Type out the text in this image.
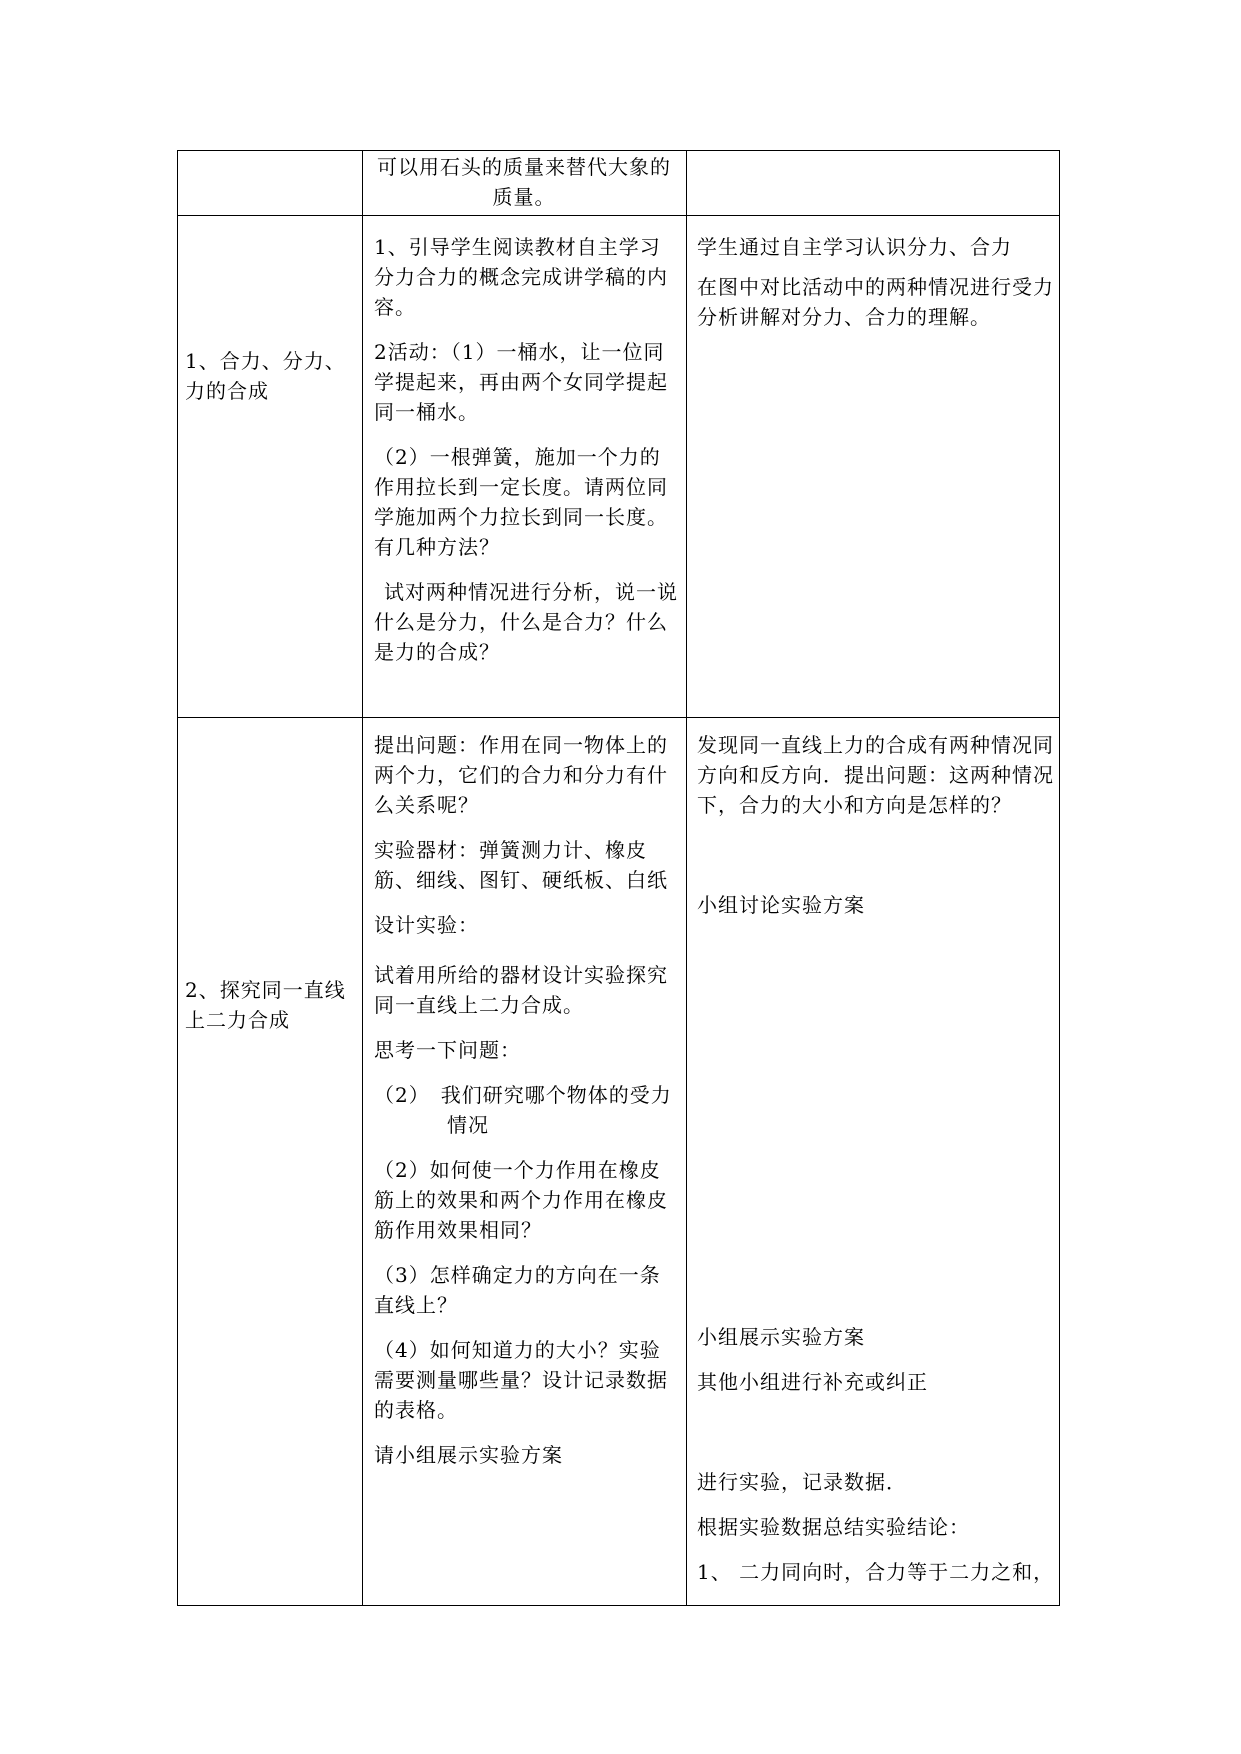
可以用石头的质量来替代大象的质量。

1、合力、分力、力的合成

1、引导学生阅读教材自主学习分力合力的概念完成讲学稿的内容。

2活动：（1）一桶水，让一位同学提起来，再由两个女同学提起同一桶水。

（2）一根弹簧，施加一个力的作用拉长到一定长度。请两位同学施加两个力拉长到同一长度。有几种方法？

试对两种情况进行分析，说一说什么是分力，什么是合力？什么是力的合成？

学生通过自主学习认识分力、合力

在图中对比活动中的两种情况进行受力分析讲解对分力、合力的理解。

2、探究同一直线上二力合成

提出问题：作用在同一物体上的两个力，它们的合力和分力有什么关系呢？

实验器材：弹簧测力计、橡皮筋、细线、图钉、硬纸板、白纸

设计实验：

试着用所给的器材设计实验探究同一直线上二力合成。

思考一下问题：

（2）　我们研究哪个物体的受力情况

（2）如何使一个力作用在橡皮筋上的效果和两个力作用在橡皮筋作用效果相同？

（3）怎样确定力的方向在一条直线上？

（4）如何知道力的大小？实验需要测量哪些量？设计记录数据的表格。

请小组展示实验方案

发现同一直线上力的合成有两种情况同方向和反方向．提出问题：这两种情况下，合力的大小和方向是怎样的？

小组讨论实验方案

小组展示实验方案

其他小组进行补充或纠正

进行实验，记录数据．

根据实验数据总结实验结论：

1、 二力同向时，合力等于二力之和，
